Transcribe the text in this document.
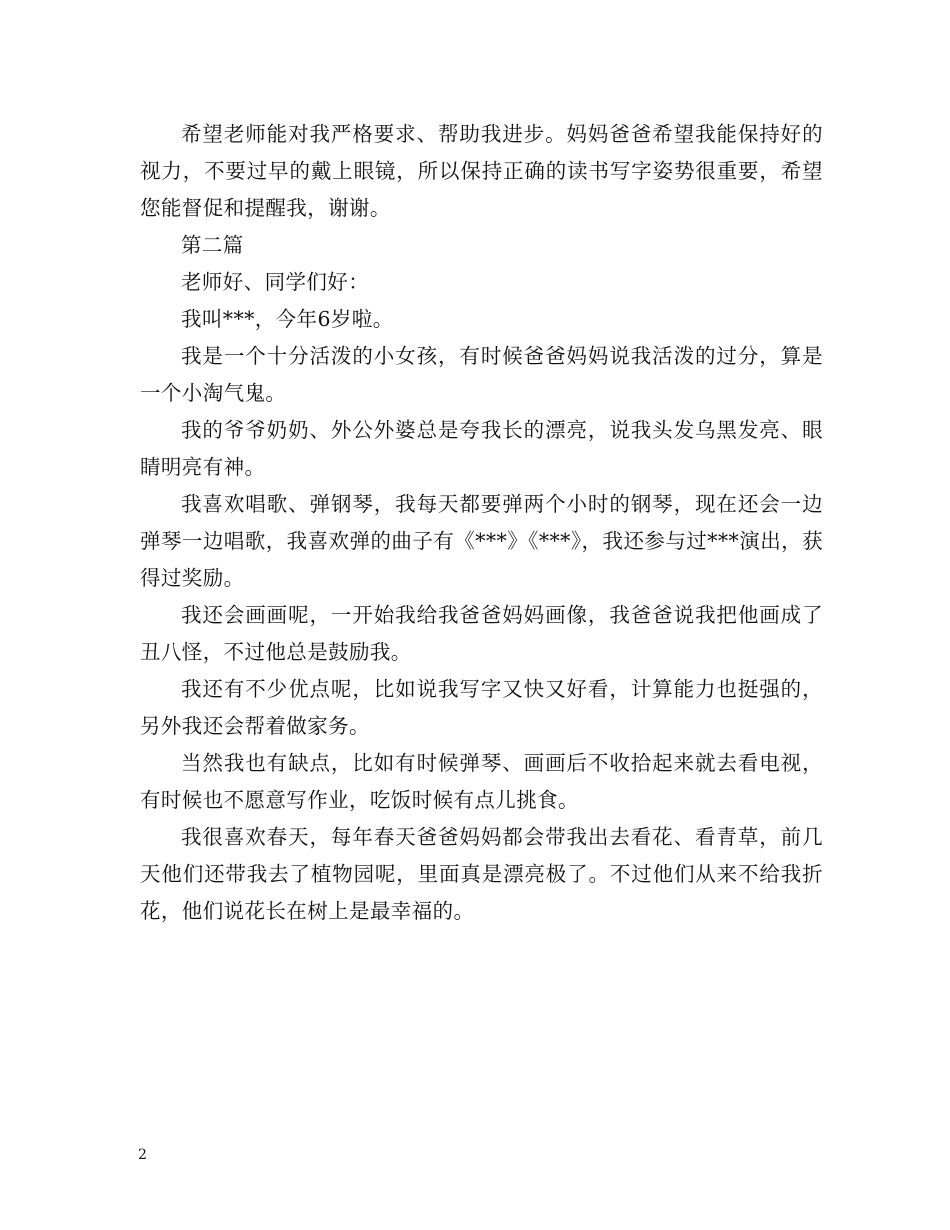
希望老师能对我严格要求、帮助我进步。妈妈爸爸希望我能保持好的视力，不要过早的戴上眼镜，所以保持正确的读书写字姿势很重要，希望您能督促和提醒我，谢谢。

第二篇

老师好、同学们好：

我叫***，今年6岁啦。

我是一个十分活泼的小女孩，有时候爸爸妈妈说我活泼的过分，算是一个小淘气鬼。

我的爷爷奶奶、外公外婆总是夸我长的漂亮，说我头发乌黑发亮、眼睛明亮有神。

我喜欢唱歌、弹钢琴，我每天都要弹两个小时的钢琴，现在还会一边弹琴一边唱歌，我喜欢弹的曲子有《***》《***》，我还参与过***演出，获得过奖励。

我还会画画呢，一开始我给我爸爸妈妈画像，我爸爸说我把他画成了丑八怪，不过他总是鼓励我。

我还有不少优点呢，比如说我写字又快又好看，计算能力也挺强的，另外我还会帮着做家务。

当然我也有缺点，比如有时候弹琴、画画后不收拾起来就去看电视，有时候也不愿意写作业，吃饭时候有点儿挑食。

我很喜欢春天，每年春天爸爸妈妈都会带我出去看花、看青草，前几天他们还带我去了植物园呢，里面真是漂亮极了。不过他们从来不给我折花，他们说花长在树上是最幸福的。

2
